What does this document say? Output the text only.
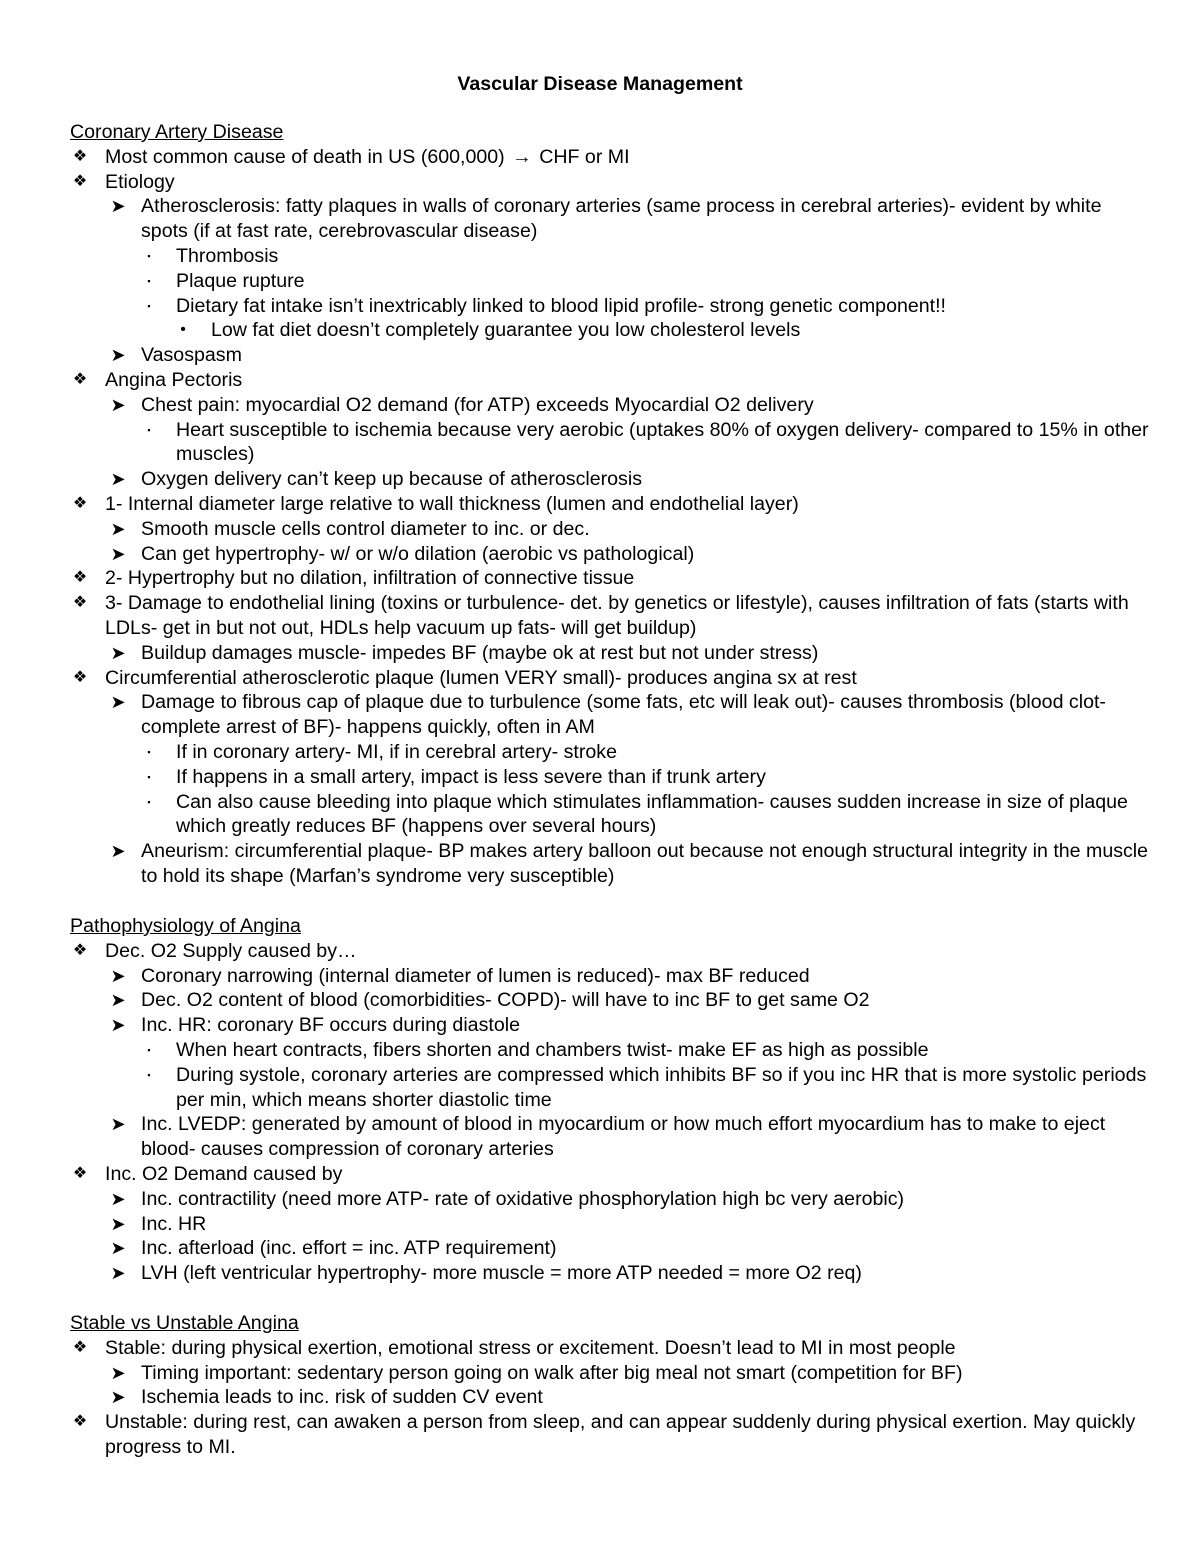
Vascular Disease Management
Coronary Artery Disease
❖ Most common cause of death in US (600,000) → CHF or MI
❖ Etiology
➤ Atherosclerosis: fatty plaques in walls of coronary arteries (same process in cerebral arteries)- evident by white spots (if at fast rate, cerebrovascular disease)
▪ Thrombosis
▪ Plaque rupture
▪ Dietary fat intake isn’t inextricably linked to blood lipid profile- strong genetic component!!
• Low fat diet doesn’t completely guarantee you low cholesterol levels
➤ Vasospasm
❖ Angina Pectoris
➤ Chest pain: myocardial O2 demand (for ATP) exceeds Myocardial O2 delivery
▪ Heart susceptible to ischemia because very aerobic (uptakes 80% of oxygen delivery- compared to 15% in other muscles)
➤ Oxygen delivery can’t keep up because of atherosclerosis
❖ 1- Internal diameter large relative to wall thickness (lumen and endothelial layer)
➤ Smooth muscle cells control diameter to inc. or dec.
➤ Can get hypertrophy- w/ or w/o dilation (aerobic vs pathological)
❖ 2- Hypertrophy but no dilation, infiltration of connective tissue
❖ 3- Damage to endothelial lining (toxins or turbulence- det. by genetics or lifestyle), causes infiltration of fats (starts with LDLs- get in but not out, HDLs help vacuum up fats- will get buildup)
➤ Buildup damages muscle- impedes BF (maybe ok at rest but not under stress)
❖ Circumferential atherosclerotic plaque (lumen VERY small)- produces angina sx at rest
➤ Damage to fibrous cap of plaque due to turbulence (some fats, etc will leak out)- causes thrombosis (blood clot- complete arrest of BF)- happens quickly, often in AM
▪ If in coronary artery- MI, if in cerebral artery- stroke
▪ If happens in a small artery, impact is less severe than if trunk artery
▪ Can also cause bleeding into plaque which stimulates inflammation- causes sudden increase in size of plaque which greatly reduces BF (happens over several hours)
➤ Aneurism: circumferential plaque- BP makes artery balloon out because not enough structural integrity in the muscle to hold its shape (Marfan’s syndrome very susceptible)
Pathophysiology of Angina
❖ Dec. O2 Supply caused by…
➤ Coronary narrowing (internal diameter of lumen is reduced)- max BF reduced
➤ Dec. O2 content of blood (comorbidities- COPD)- will have to inc BF to get same O2
➤ Inc. HR: coronary BF occurs during diastole
▪ When heart contracts, fibers shorten and chambers twist- make EF as high as possible
▪ During systole, coronary arteries are compressed which inhibits BF so if you inc HR that is more systolic periods per min, which means shorter diastolic time
➤ Inc. LVEDP: generated by amount of blood in myocardium or how much effort myocardium has to make to eject blood- causes compression of coronary arteries
❖ Inc. O2 Demand caused by
➤ Inc. contractility (need more ATP- rate of oxidative phosphorylation high bc very aerobic)
➤ Inc. HR
➤ Inc. afterload (inc. effort = inc. ATP requirement)
➤ LVH (left ventricular hypertrophy- more muscle = more ATP needed = more O2 req)
Stable vs Unstable Angina
❖ Stable: during physical exertion, emotional stress or excitement. Doesn’t lead to MI in most people
➤ Timing important: sedentary person going on walk after big meal not smart (competition for BF)
➤ Ischemia leads to inc. risk of sudden CV event
❖ Unstable: during rest, can awaken a person from sleep, and can appear suddenly during physical exertion. May quickly progress to MI.
